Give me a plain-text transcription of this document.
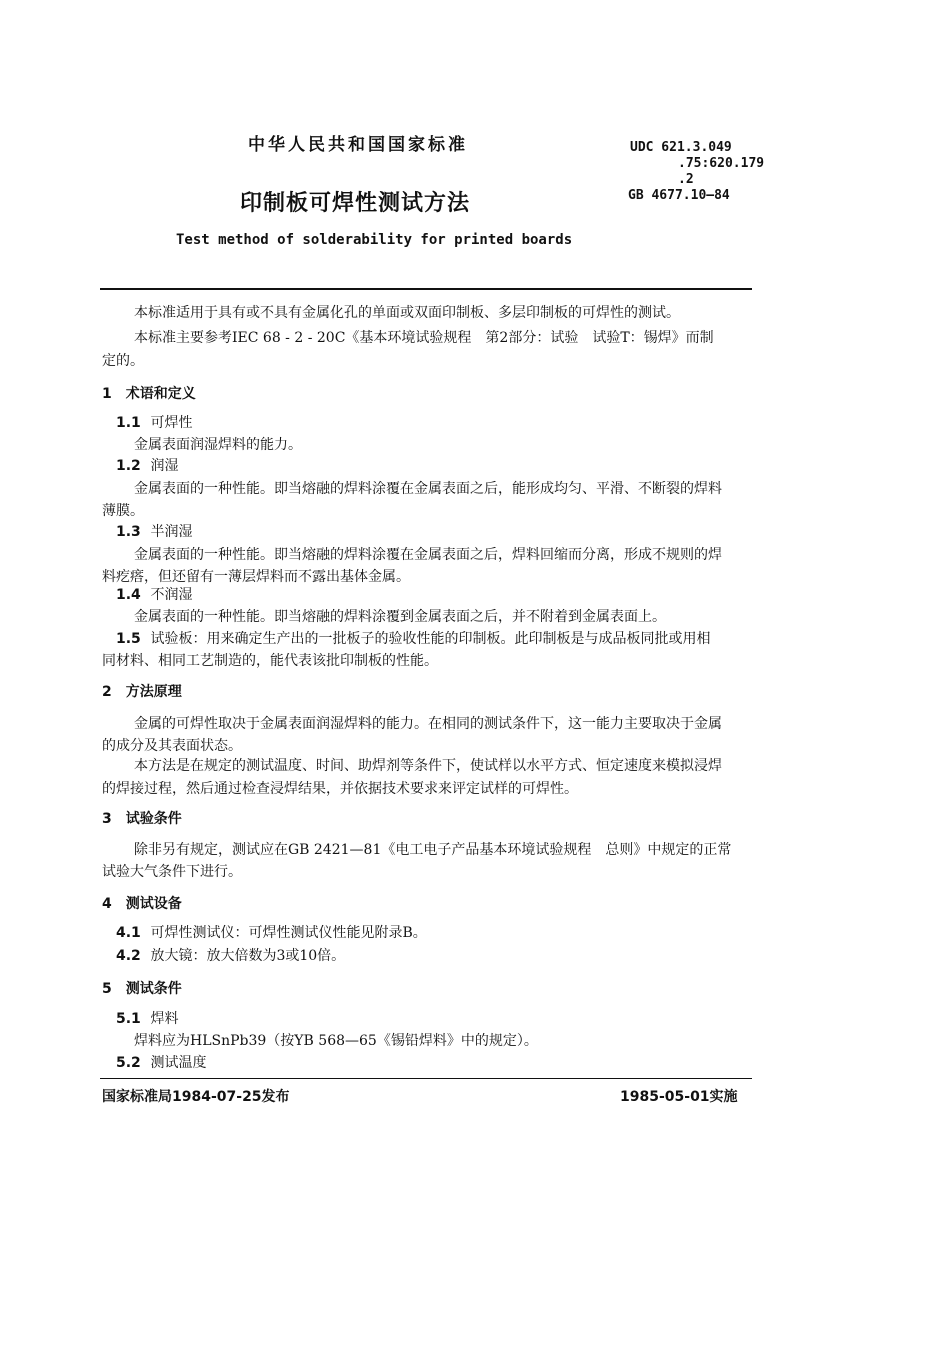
中华人民共和国国家标准	UDC 621.3.049
.75:620.179
.2
GB 4677.10—84
印制板可焊性测试方法
Test method of solderability for printed boards
本标准适用于具有或不具有金属化孔的单面或双面印制板、多层印制板的可焊性的测试。
本标准主要参考IEC 68 - 2 - 20C《基本环境试验规程　第2部分：试验　试验T：锡焊》而制
定的。
1　术语和定义
1.1 可焊性
金属表面润湿焊料的能力。
1.2 润湿
金属表面的一种性能。即当熔融的焊料涂覆在金属表面之后，能形成均匀、平滑、不断裂的焊料
薄膜。
1.3 半润湿
金属表面的一种性能。即当熔融的焊料涂覆在金属表面之后，焊料回缩而分离，形成不规则的焊
料疙瘩，但还留有一薄层焊料而不露出基体金属。
1.4 不润湿
金属表面的一种性能。即当熔融的焊料涂覆到金属表面之后，并不附着到金属表面上。
1.5 试验板：用来确定生产出的一批板子的验收性能的印制板。此印制板是与成品板同批或用相
同材料、相同工艺制造的，能代表该批印制板的性能。
2　方法原理
金属的可焊性取决于金属表面润湿焊料的能力。在相同的测试条件下，这一能力主要取决于金属
的成分及其表面状态。
本方法是在规定的测试温度、时间、助焊剂等条件下，使试样以水平方式、恒定速度来模拟浸焊
的焊接过程，然后通过检查浸焊结果，并依据技术要求来评定试样的可焊性。
3　试验条件
除非另有规定，测试应在GB 2421—81《电工电子产品基本环境试验规程　总则》中规定的正常
试验大气条件下进行。
4　测试设备
4.1 可焊性测试仪：可焊性测试仪性能见附录B。
4.2 放大镜：放大倍数为3或10倍。
5　测试条件
5.1 焊料
焊料应为HLSnPb39（按YB 568—65《锡铅焊料》中的规定）。
5.2 测试温度
国家标准局1984-07-25发布	1985-05-01实施
